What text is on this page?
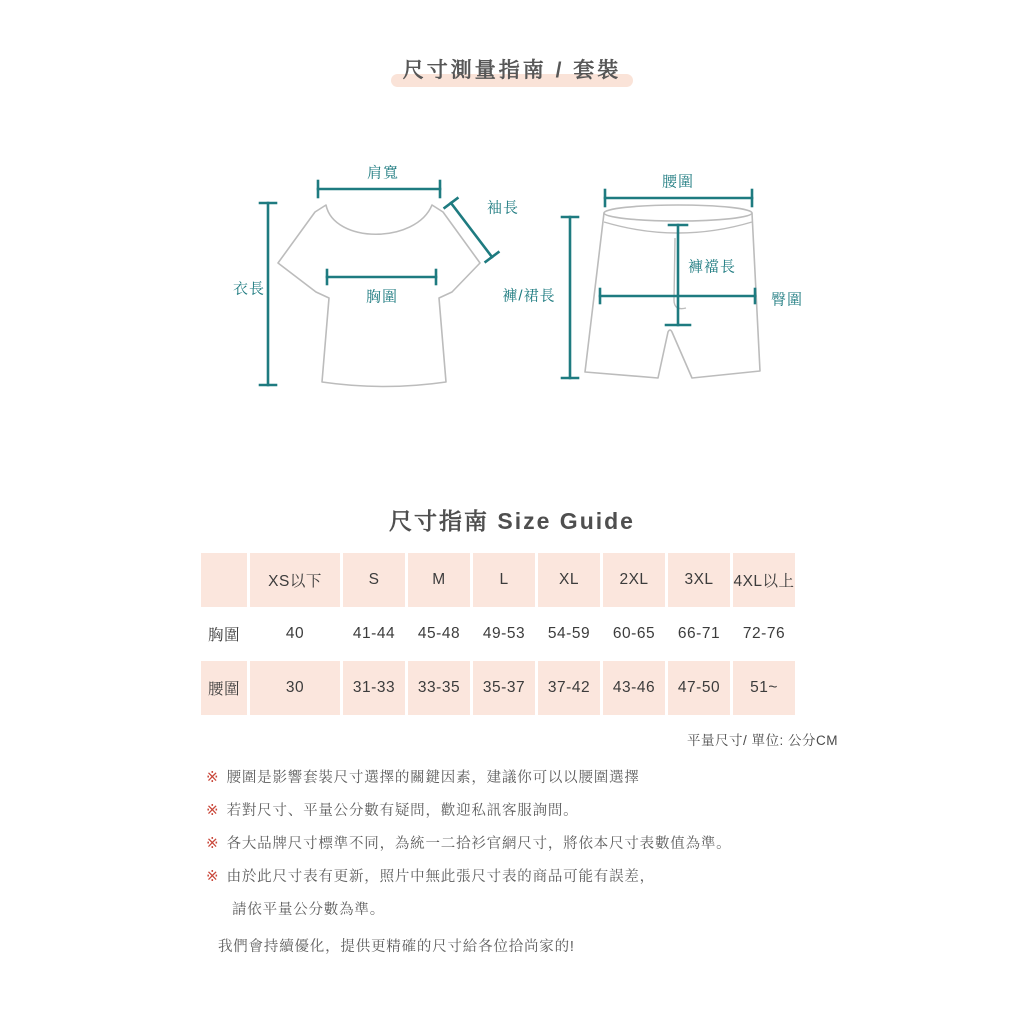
尺寸測量指南 / 套裝
肩寬
袖長
衣長	胸圍
腰圍
褲/裙長
褲襠長
臀圍
尺寸指南 Size Guide
	XS以下	S	M	L	XL	2XL	3XL	4XL以上
胸圍	40	41-44	45-48	49-53	54-59	60-65	66-71	72-76
腰圍	30	31-33	33-35	35-37	37-42	43-46	47-50	51~
平量尺寸/ 單位: 公分CM
※ 腰圍是影響套裝尺寸選擇的關鍵因素，建議你可以以腰圍選擇
※ 若對尺寸、平量公分數有疑問，歡迎私訊客服詢問。
※ 各大品牌尺寸標準不同，為統一二拾衫官網尺寸，將依本尺寸表數值為準。
※ 由於此尺寸表有更新，照片中無此張尺寸表的商品可能有誤差，
請依平量公分數為準。
我們會持續優化，提供更精確的尺寸給各位拾尚家的!
